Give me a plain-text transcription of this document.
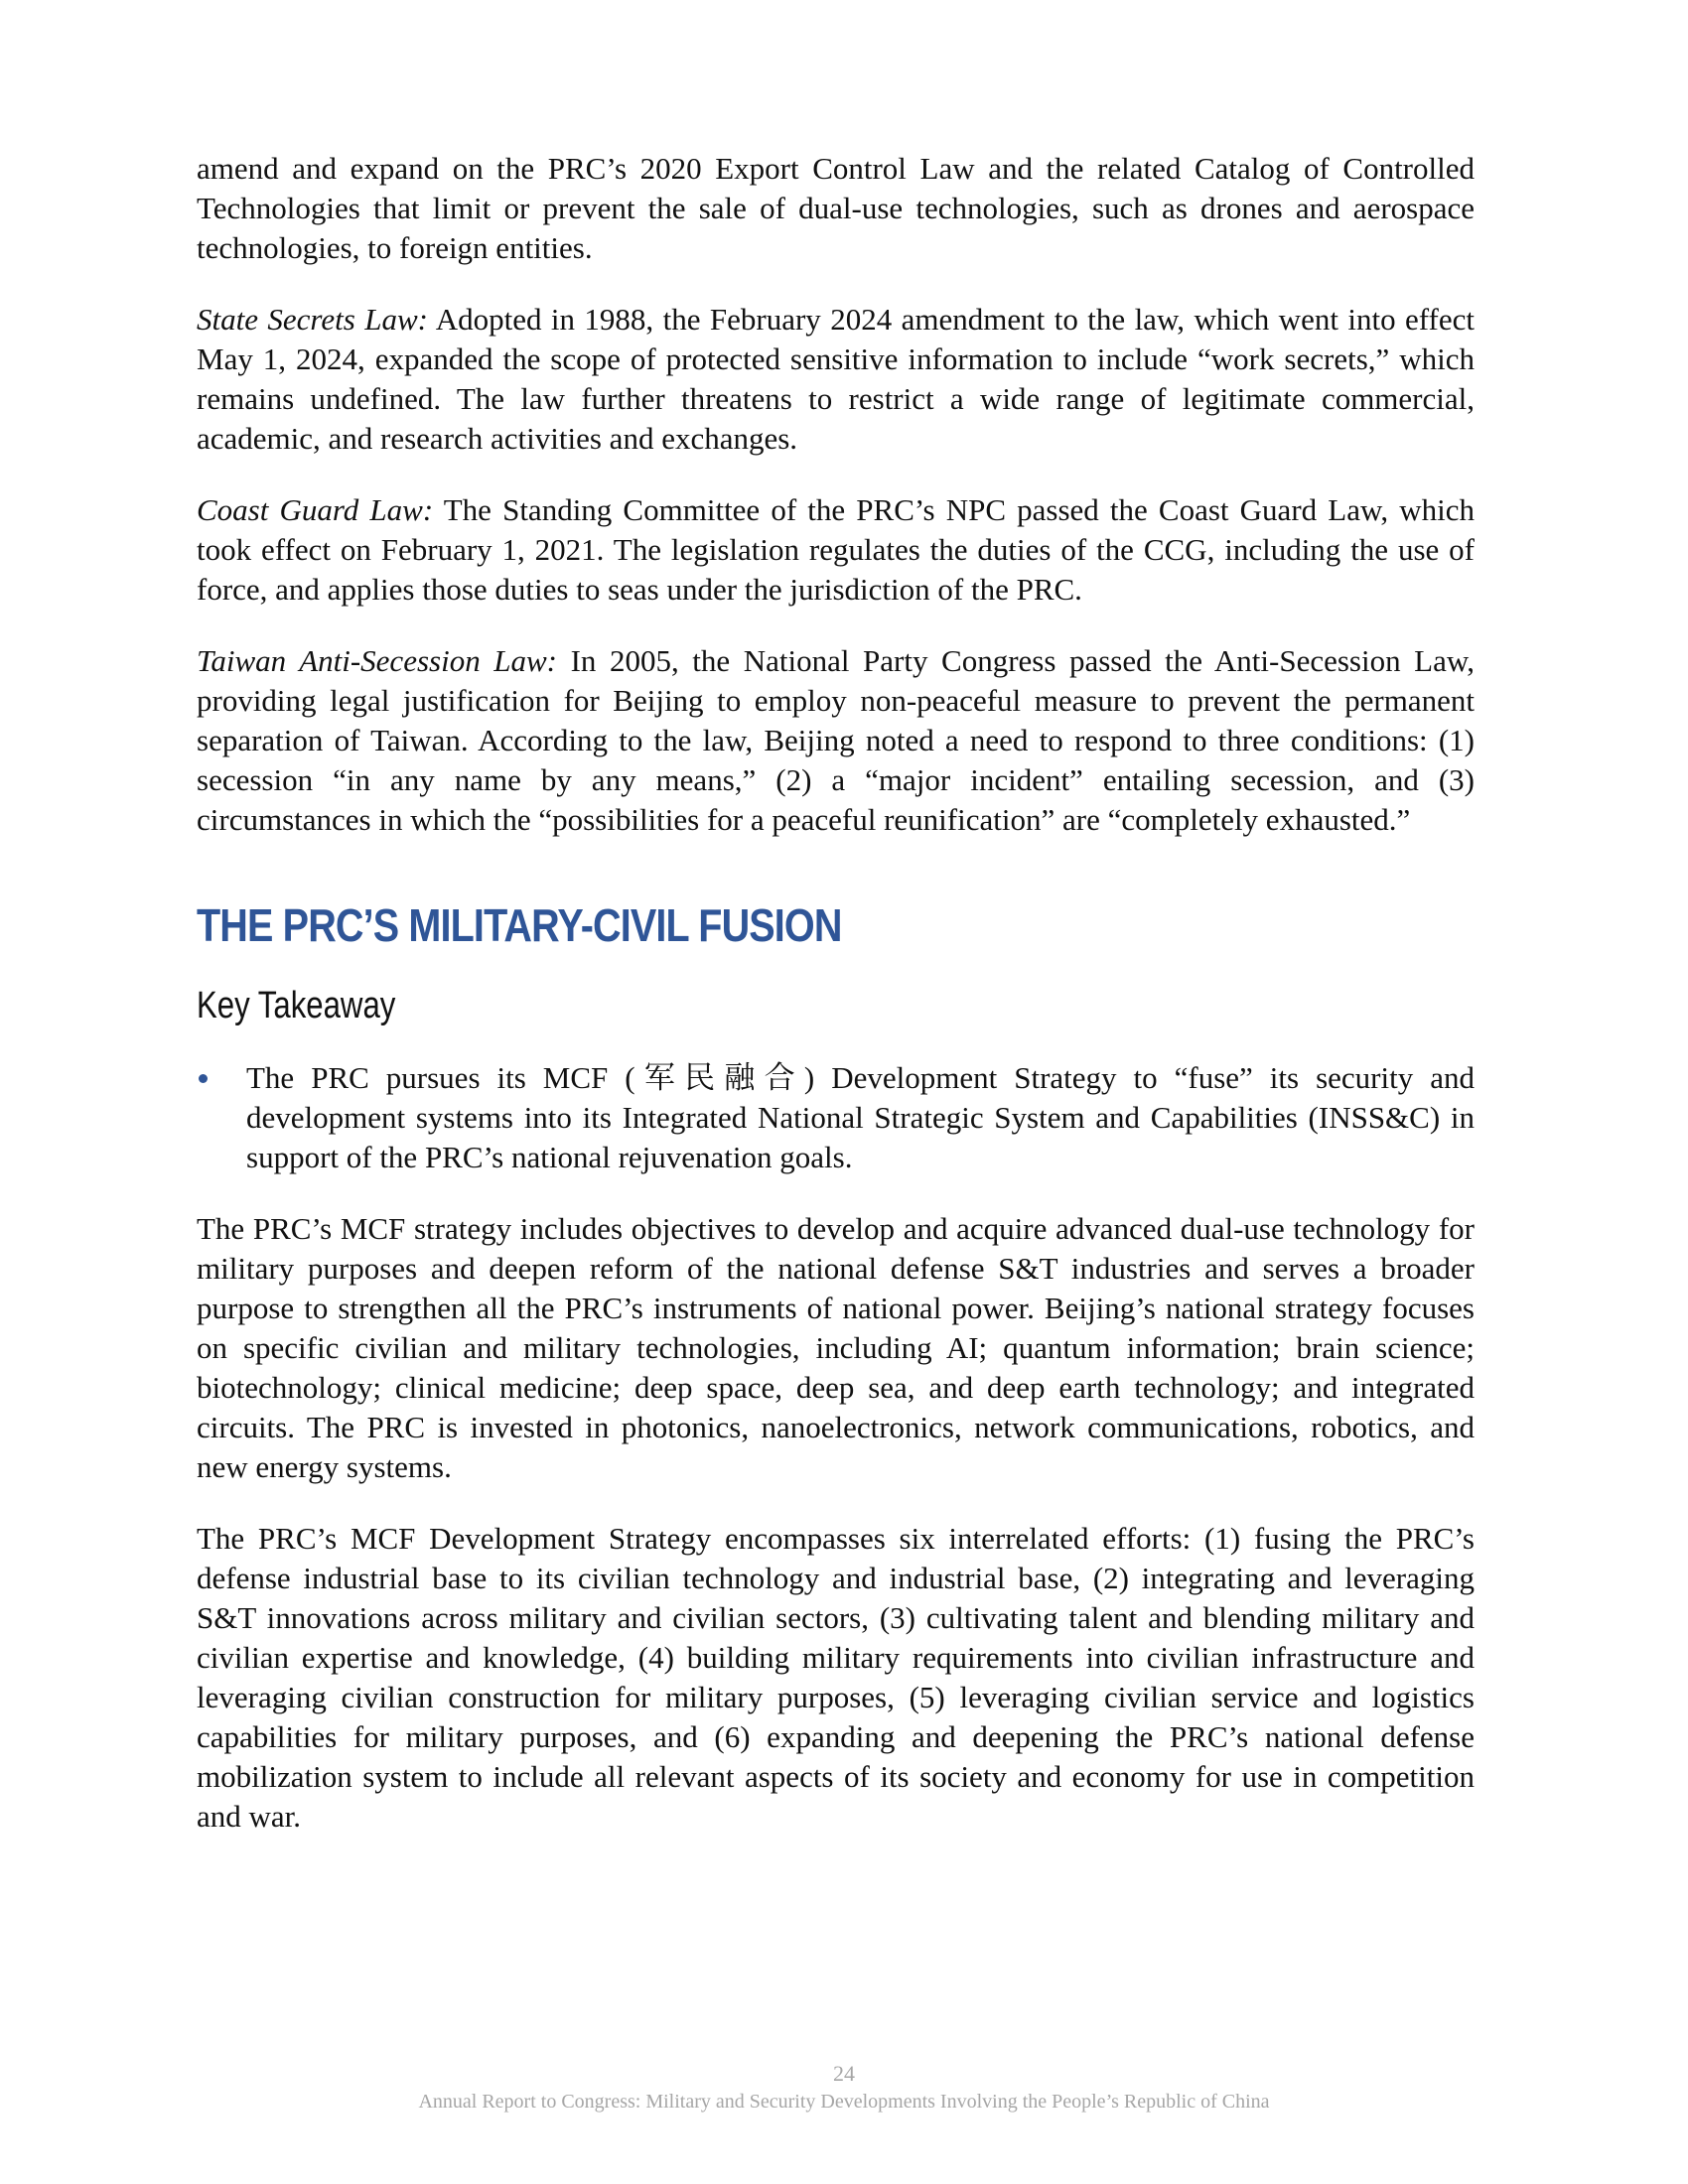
amend and expand on the PRC’s 2020 Export Control Law and the related Catalog of Controlled Technologies that limit or prevent the sale of dual-use technologies, such as drones and aerospace technologies, to foreign entities.

State Secrets Law: Adopted in 1988, the February 2024 amendment to the law, which went into effect May 1, 2024, expanded the scope of protected sensitive information to include “work secrets,” which remains undefined. The law further threatens to restrict a wide range of legitimate commercial, academic, and research activities and exchanges.

Coast Guard Law: The Standing Committee of the PRC’s NPC passed the Coast Guard Law, which took effect on February 1, 2021. The legislation regulates the duties of the CCG, including the use of force, and applies those duties to seas under the jurisdiction of the PRC.

Taiwan Anti-Secession Law: In 2005, the National Party Congress passed the Anti-Secession Law, providing legal justification for Beijing to employ non-peaceful measure to prevent the permanent separation of Taiwan. According to the law, Beijing noted a need to respond to three conditions: (1) secession “in any name by any means,” (2) a “major incident” entailing secession, and (3) circumstances in which the “possibilities for a peaceful reunification” are “completely exhausted.”

THE PRC’S MILITARY-CIVIL FUSION
Key Takeaway
The PRC pursues its MCF (军民融合) Development Strategy to “fuse” its security and development systems into its Integrated National Strategic System and Capabilities (INSS&C) in support of the PRC’s national rejuvenation goals.

The PRC’s MCF strategy includes objectives to develop and acquire advanced dual-use technology for military purposes and deepen reform of the national defense S&T industries and serves a broader purpose to strengthen all the PRC’s instruments of national power. Beijing’s national strategy focuses on specific civilian and military technologies, including AI; quantum information; brain science; biotechnology; clinical medicine; deep space, deep sea, and deep earth technology; and integrated circuits. The PRC is invested in photonics, nanoelectronics, network communications, robotics, and new energy systems.

The PRC’s MCF Development Strategy encompasses six interrelated efforts: (1) fusing the PRC’s defense industrial base to its civilian technology and industrial base, (2) integrating and leveraging S&T innovations across military and civilian sectors, (3) cultivating talent and blending military and civilian expertise and knowledge, (4) building military requirements into civilian infrastructure and leveraging civilian construction for military purposes, (5) leveraging civilian service and logistics capabilities for military purposes, and (6) expanding and deepening the PRC’s national defense mobilization system to include all relevant aspects of its society and economy for use in competition and war.

24
Annual Report to Congress: Military and Security Developments Involving the People’s Republic of China
